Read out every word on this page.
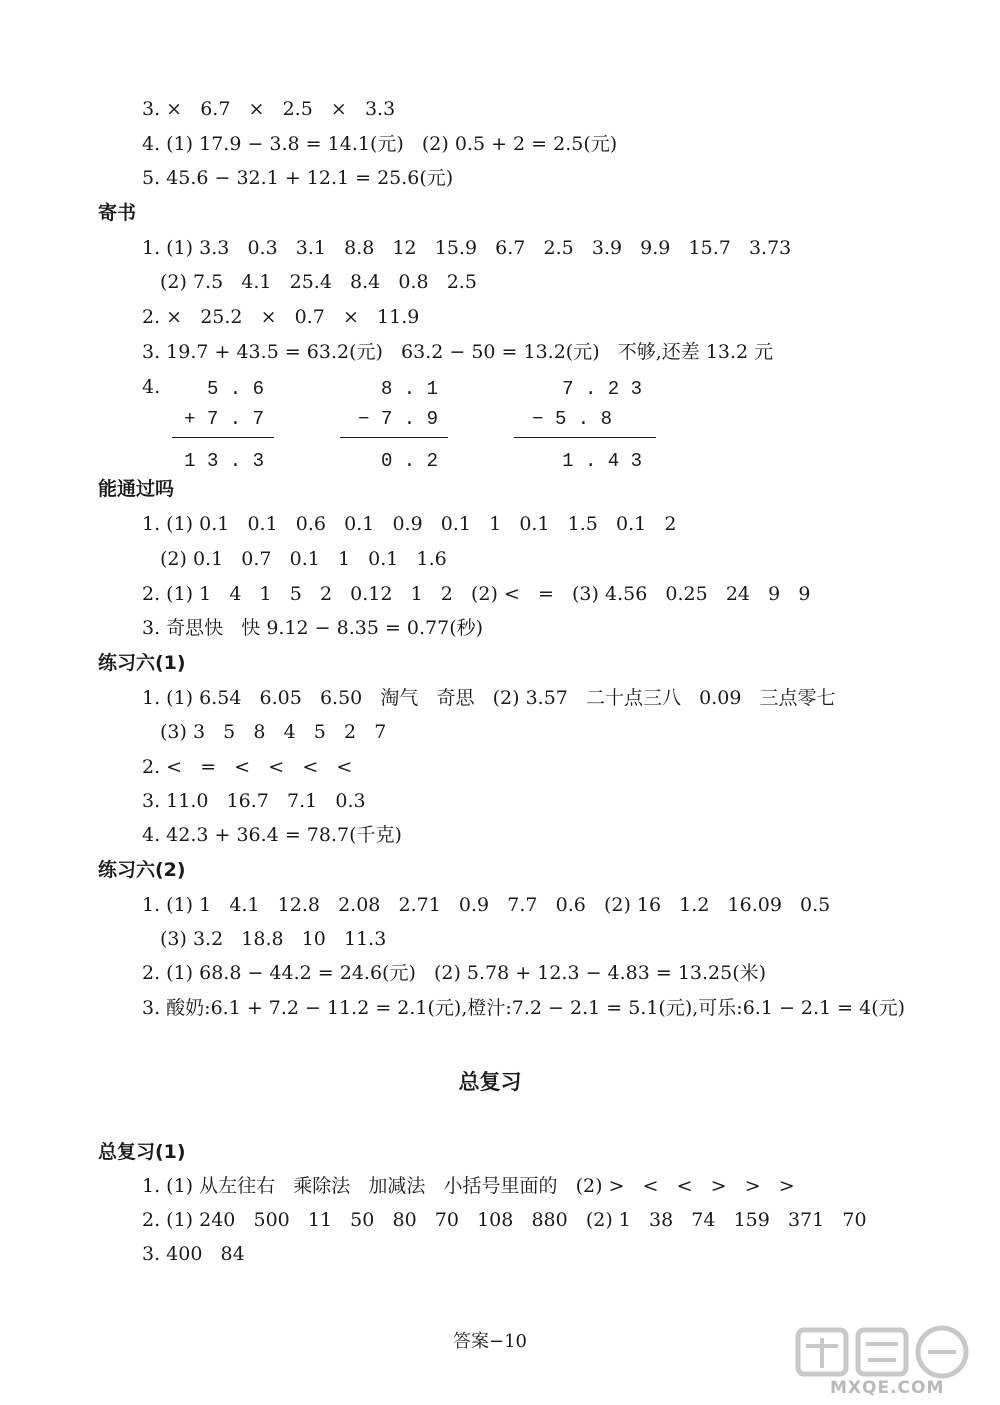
3. ×   6.7   ×   2.5   ×   3.3
4. (1) 17.9 − 3.8 = 14.1(元)   (2) 0.5 + 2 = 2.5(元)
5. 45.6 − 32.1 + 12.1 = 25.6(元)
寄书
1. (1) 3.3   0.3   3.1   8.8   12   15.9   6.7   2.5   3.9   9.9   15.7   3.73
(2) 7.5   4.1   25.4   8.4   0.8   2.5
2. ×   25.2   ×   0.7   ×   11.9
3. 19.7 + 43.5 = 63.2(元)   63.2 − 50 = 13.2(元)   不够,还差 13.2 元
4.	5 . 6
+ 7 . 7
1 3 . 3
8 . 1
− 7 . 9
0 . 2
7 . 2 3
− 5 . 8
1 . 4 3
能通过吗
1. (1) 0.1   0.1   0.6   0.1   0.9   0.1   1   0.1   1.5   0.1   2
(2) 0.1   0.7   0.1   1   0.1   1.6
2. (1) 1   4   1   5   2   0.12   1   2   (2) <   =   (3) 4.56   0.25   24   9   9
3. 奇思快   快 9.12 − 8.35 = 0.77(秒)
练习六(1)
1. (1) 6.54   6.05   6.50   淘气   奇思   (2) 3.57   二十点三八   0.09   三点零七
(3) 3   5   8   4   5   2   7
2. <   =   <   <   <   <
3. 11.0   16.7   7.1   0.3
4. 42.3 + 36.4 = 78.7(千克)
练习六(2)
1. (1) 1   4.1   12.8   2.08   2.71   0.9   7.7   0.6   (2) 16   1.2   16.09   0.5
(3) 3.2   18.8   10   11.3
2. (1) 68.8 − 44.2 = 24.6(元)   (2) 5.78 + 12.3 − 4.83 = 13.25(米)
3. 酸奶:6.1 + 7.2 − 11.2 = 2.1(元),橙汁:7.2 − 2.1 = 5.1(元),可乐:6.1 − 2.1 = 4(元)
总复习
总复习(1)
1. (1) 从左往右   乘除法   加减法   小括号里面的   (2) >   <   <   >   >   >
2. (1) 240   500   11   50   80   70   108   880   (2) 1   38   74   159   371   70
3. 400   84
答案−10
MXQE.COM
